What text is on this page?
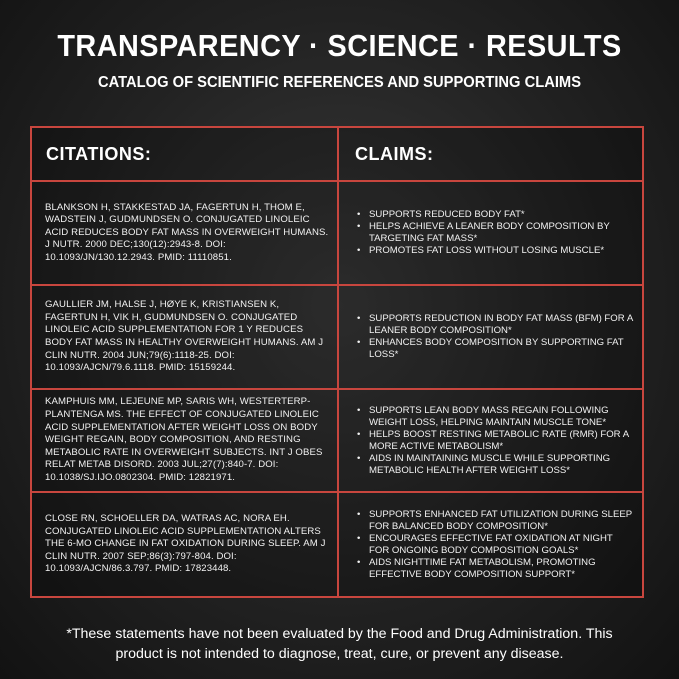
TRANSPARENCY · SCIENCE · RESULTS
CATALOG OF SCIENTIFIC REFERENCES AND SUPPORTING CLAIMS
CITATIONS:	CLAIMS:
BLANKSON H, STAKKESTAD JA, FAGERTUN H, THOM E, WADSTEIN J, GUDMUNDSEN O. CONJUGATED LINOLEIC ACID REDUCES BODY FAT MASS IN OVERWEIGHT HUMANS. J NUTR. 2000 DEC;130(12):2943-8. DOI: 10.1093/JN/130.12.2943. PMID: 11110851.
• SUPPORTS REDUCED BODY FAT*
• HELPS ACHIEVE A LEANER BODY COMPOSITION BY TARGETING FAT MASS*
• PROMOTES FAT LOSS WITHOUT LOSING MUSCLE*
GAULLIER JM, HALSE J, HØYE K, KRISTIANSEN K, FAGERTUN H, VIK H, GUDMUNDSEN O. CONJUGATED LINOLEIC ACID SUPPLEMENTATION FOR 1 Y REDUCES BODY FAT MASS IN HEALTHY OVERWEIGHT HUMANS. AM J CLIN NUTR. 2004 JUN;79(6):1118-25. DOI: 10.1093/AJCN/79.6.1118. PMID: 15159244.
• SUPPORTS REDUCTION IN BODY FAT MASS (BFM) FOR A LEANER BODY COMPOSITION*
• ENHANCES BODY COMPOSITION BY SUPPORTING FAT LOSS*
KAMPHUIS MM, LEJEUNE MP, SARIS WH, WESTERTERP-PLANTENGA MS. THE EFFECT OF CONJUGATED LINOLEIC ACID SUPPLEMENTATION AFTER WEIGHT LOSS ON BODY WEIGHT REGAIN, BODY COMPOSITION, AND RESTING METABOLIC RATE IN OVERWEIGHT SUBJECTS. INT J OBES RELAT METAB DISORD. 2003 JUL;27(7):840-7. DOI: 10.1038/SJ.IJO.0802304. PMID: 12821971.
• SUPPORTS LEAN BODY MASS REGAIN FOLLOWING WEIGHT LOSS, HELPING MAINTAIN MUSCLE TONE*
• HELPS BOOST RESTING METABOLIC RATE (RMR) FOR A MORE ACTIVE METABOLISM*
• AIDS IN MAINTAINING MUSCLE WHILE SUPPORTING METABOLIC HEALTH AFTER WEIGHT LOSS*
CLOSE RN, SCHOELLER DA, WATRAS AC, NORA EH. CONJUGATED LINOLEIC ACID SUPPLEMENTATION ALTERS THE 6-MO CHANGE IN FAT OXIDATION DURING SLEEP. AM J CLIN NUTR. 2007 SEP;86(3):797-804. DOI: 10.1093/AJCN/86.3.797. PMID: 17823448.
• SUPPORTS ENHANCED FAT UTILIZATION DURING SLEEP FOR BALANCED BODY COMPOSITION*
• ENCOURAGES EFFECTIVE FAT OXIDATION AT NIGHT FOR ONGOING BODY COMPOSITION GOALS*
• AIDS NIGHTTIME FAT METABOLISM, PROMOTING EFFECTIVE BODY COMPOSITION SUPPORT*
*These statements have not been evaluated by the Food and Drug Administration. This
product is not intended to diagnose, treat, cure, or prevent any disease.
